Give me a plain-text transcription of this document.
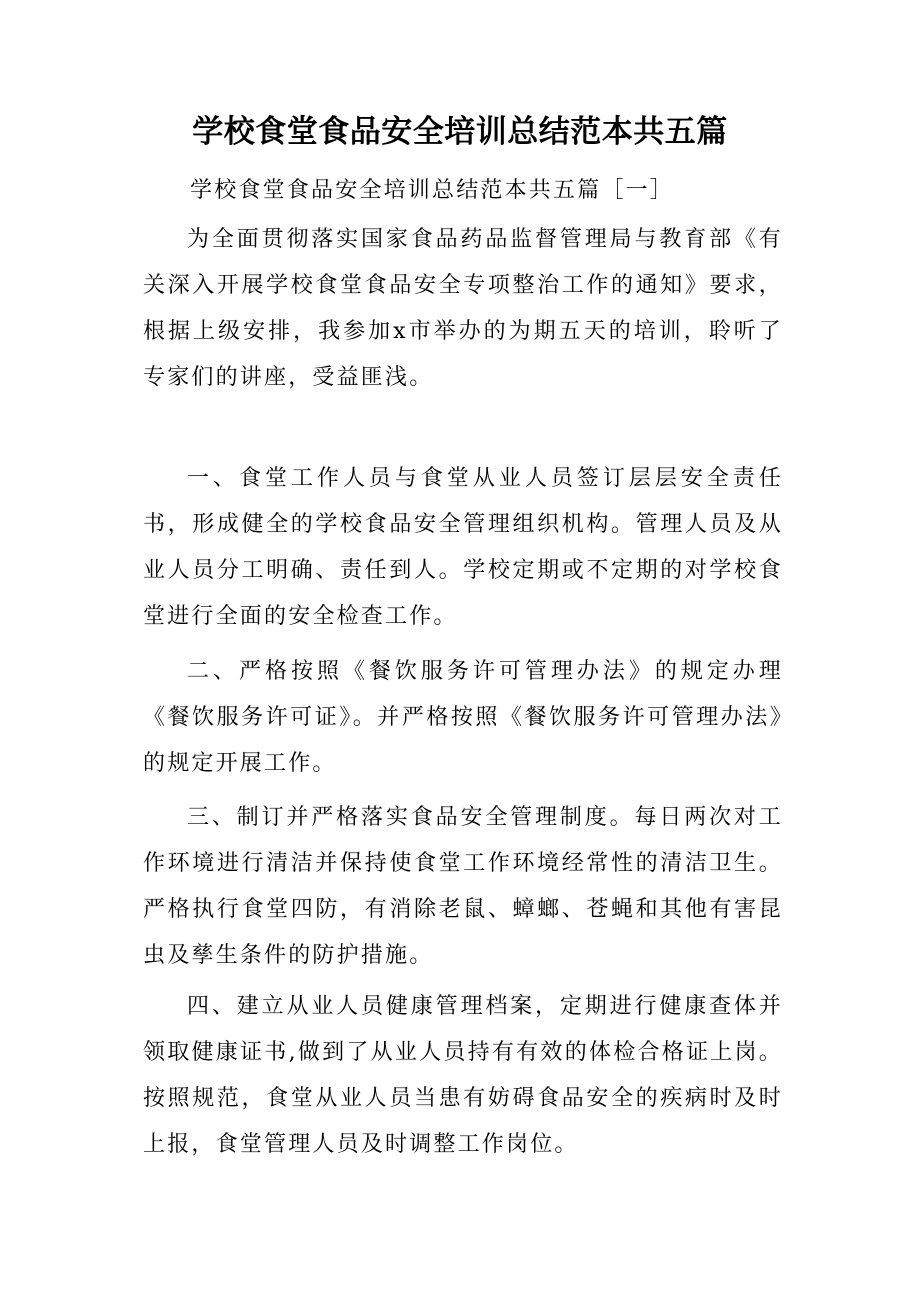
学校食堂食品安全培训总结范本共五篇
学校食堂食品安全培训总结范本共五篇［一］

为全面贯彻落实国家食品药品监督管理局与教育部《有关深入开展学校食堂食品安全专项整治工作的通知》要求，根据上级安排，我参加x市举办的为期五天的培训，聆听了专家们的讲座，受益匪浅。

一、食堂工作人员与食堂从业人员签订层层安全责任书，形成健全的学校食品安全管理组织机构。管理人员及从业人员分工明确、责任到人。学校定期或不定期的对学校食堂进行全面的安全检查工作。

二、严格按照《餐饮服务许可管理办法》的规定办理《餐饮服务许可证》。并严格按照《餐饮服务许可管理办法》的规定开展工作。

三、制订并严格落实食品安全管理制度。每日两次对工作环境进行清洁并保持使食堂工作环境经常性的清洁卫生。严格执行食堂四防，有消除老鼠、蟑螂、苍蝇和其他有害昆虫及孳生条件的防护措施。

四、建立从业人员健康管理档案，定期进行健康查体并领取健康证书,做到了从业人员持有有效的体检合格证上岗。按照规范，食堂从业人员当患有妨碍食品安全的疾病时及时上报，食堂管理人员及时调整工作岗位。
